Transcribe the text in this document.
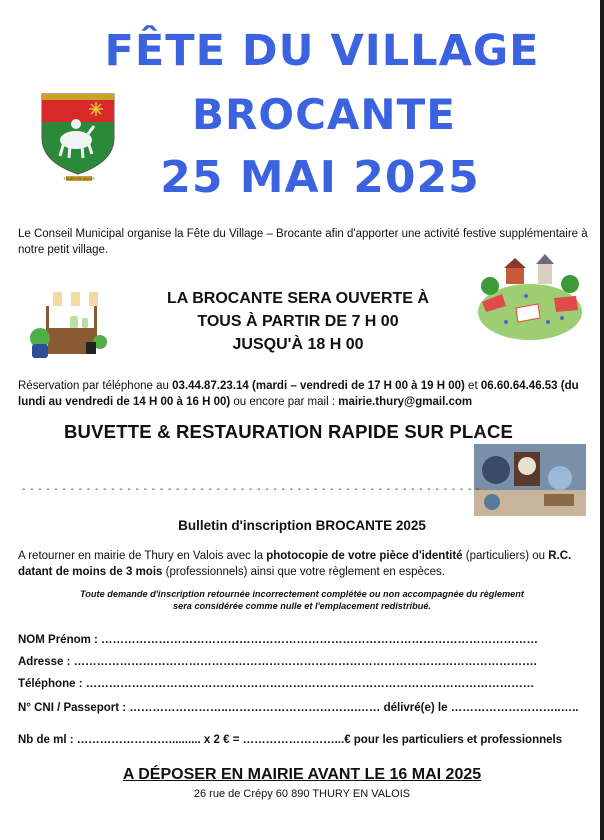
FÊTE DU VILLAGE
BROCANTE
25 MAI 2025
THURY EN VALOIS
Le Conseil Municipal organise la Fête du Village – Brocante afin d'apporter une activité festive supplémentaire à notre petit village.
LA BROCANTE SERA OUVERTE À
TOUS À PARTIR DE 7 H 00
JUSQU'À 18 H 00
Réservation par téléphone au 03.44.87.23.14 (mardi – vendredi de 17 H 00 à 19 H 00) et 06.60.64.46.53 (du lundi au vendredi de 14 H 00 à 16 H 00) ou encore par mail : mairie.thury@gmail.com
BUVETTE & RESTAURATION RAPIDE SUR PLACE
- - - - - - - - - - - - - - - - - - - - - - - - - - - - - - - - - - - - - - - - - - - - - - - - - - - - - - - - -
Bulletin d'inscription BROCANTE 2025
A retourner en mairie de Thury en Valois avec la photocopie de votre pièce d'identité (particuliers) ou R.C. datant de moins de 3 mois (professionnels) ainsi que votre règlement en espèces.
Toute demande d'inscription retournée incorrectement complétée ou non accompagnée du règlement
sera considérée comme nulle et l'emplacement redistribué.
NOM Prénom : ……………………………………………………………………………………………………
Adresse : ………………………………………………………………………………………………………….
Téléphone : ………………………………………………………………………………………………………
N° CNI / Passeport : ……………………..…………………………….…… délivré(e) le ………………………..…..
Nb de ml : …………………….......... x 2 € = ……………………...€ pour les particuliers et professionnels
A DÉPOSER EN MAIRIE AVANT LE 16 MAI 2025
26 rue de Crépy 60 890 THURY EN VALOIS
